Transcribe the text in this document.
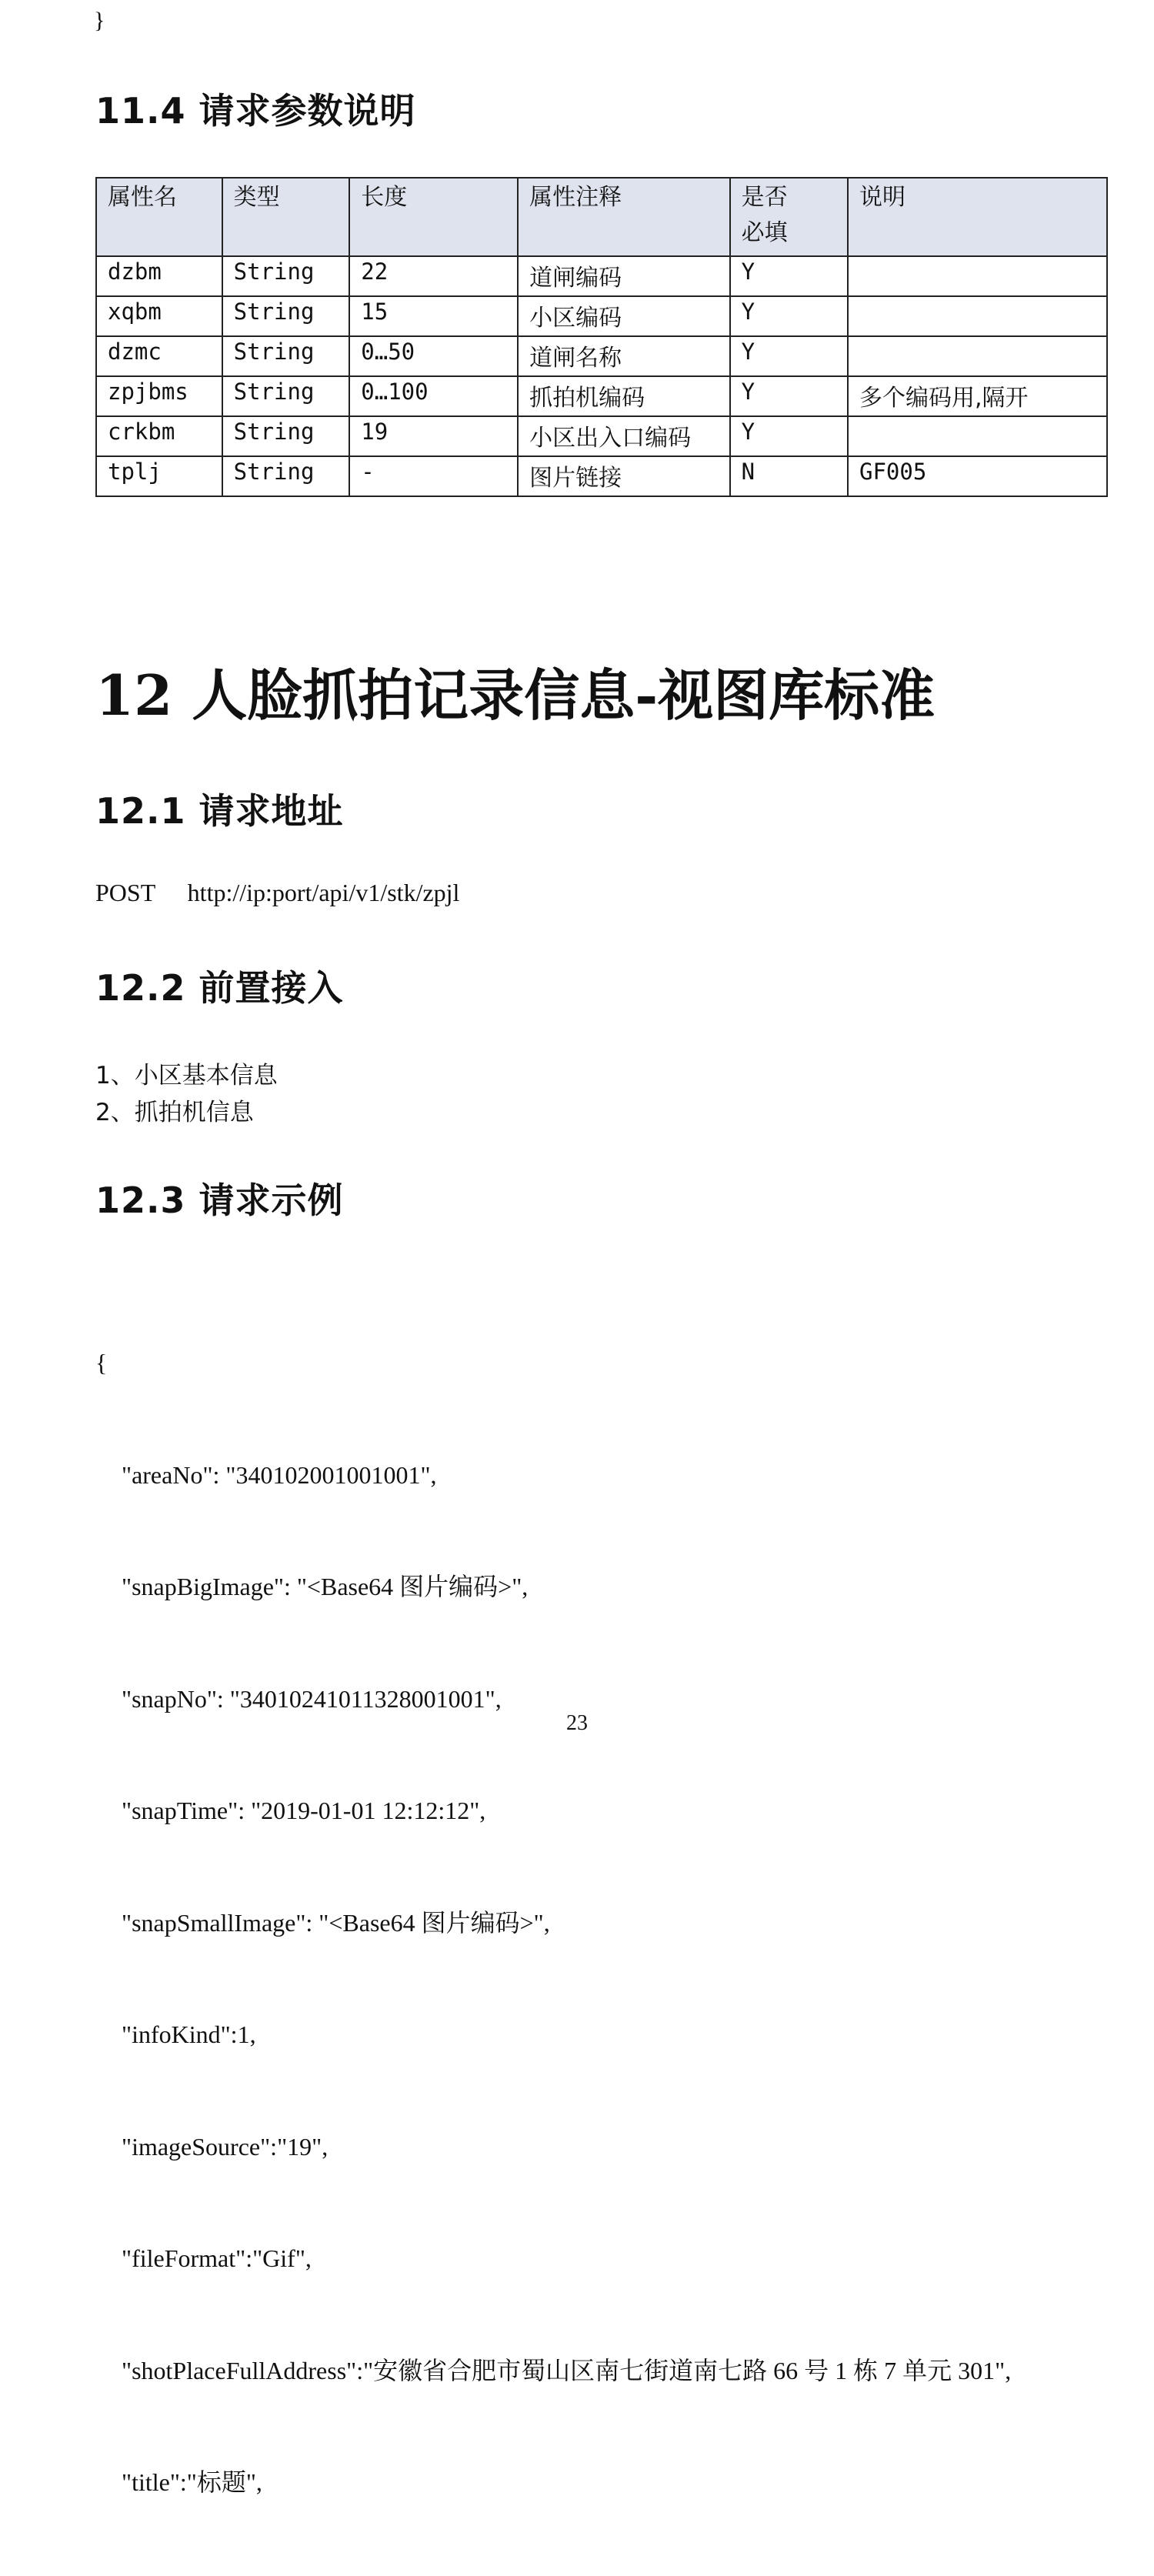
}
11.4 请求参数说明
属性名	类型	长度	属性注释	是否必填	说明
dzbm	String	22	道闸编码	Y	
xqbm	String	15	小区编码	Y	
dzmc	String	0…50	道闸名称	Y	
zpjbms	String	0…100	抓拍机编码	Y	多个编码用,隔开
crkbm	String	19	小区出入口编码	Y	
tplj	String	-	图片链接	N	GF005
12 人脸抓拍记录信息-视图库标准
12.1 请求地址
POST http://ip:port/api/v1/stk/zpjl
12.2 前置接入
1、小区基本信息
2、抓拍机信息
12.3 请求示例

{

"areaNo": "340102001001001",

"snapBigImage": "<Base64 图片编码>",

"snapNo": "34010241011328001001",

"snapTime": "2019-01-01 12:12:12",

"snapSmallImage": "<Base64 图片编码>",

"infoKind":1,

"imageSource":"19",

"fileFormat":"Gif",

"shotPlaceFullAddress":"安徽省合肥市蜀山区南七街道南七路 66 号 1 栋 7 单元 301",

"title":"标题",

23
